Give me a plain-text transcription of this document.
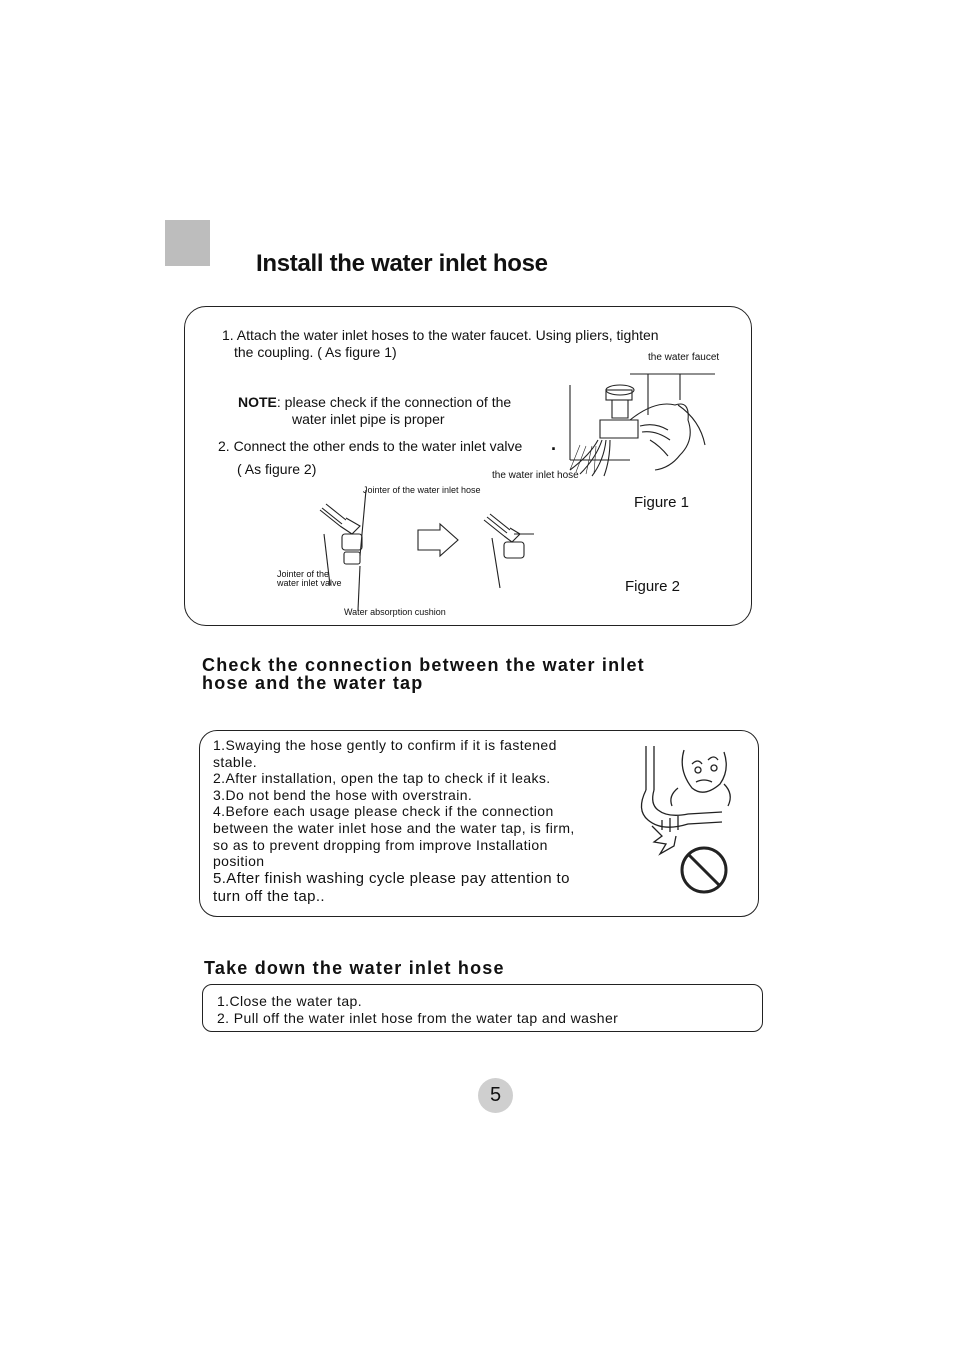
Install the water inlet hose
1. Attach the water inlet hoses to the water faucet. Using pliers, tighten
the coupling. ( As figure 1)
NOTE: please check if the connection of the
water inlet pipe is proper
2. Connect the other ends to the water inlet valve .
( As figure 2)
the water faucet
the water inlet hose
Figure 1
Figure 2
Jointer of the water inlet hose
Jointer of the
water inlet valve
Water absorption cushion
Check the connection between the water inlet
hose and the water tap
1.Swaying the hose gently to confirm if it is fastened
stable.
2.After installation, open the tap to check if it leaks.
3.Do not bend the hose with overstrain.
4.Before each usage please check if the connection
between the water inlet hose and the water tap, is firm,
so as to prevent dropping from improve Installation
position
5.After finish washing cycle please pay attention to
turn off the tap..
Take down the water inlet hose
1.Close the water tap.
2. Pull off the water inlet hose from the water tap and washer
5
